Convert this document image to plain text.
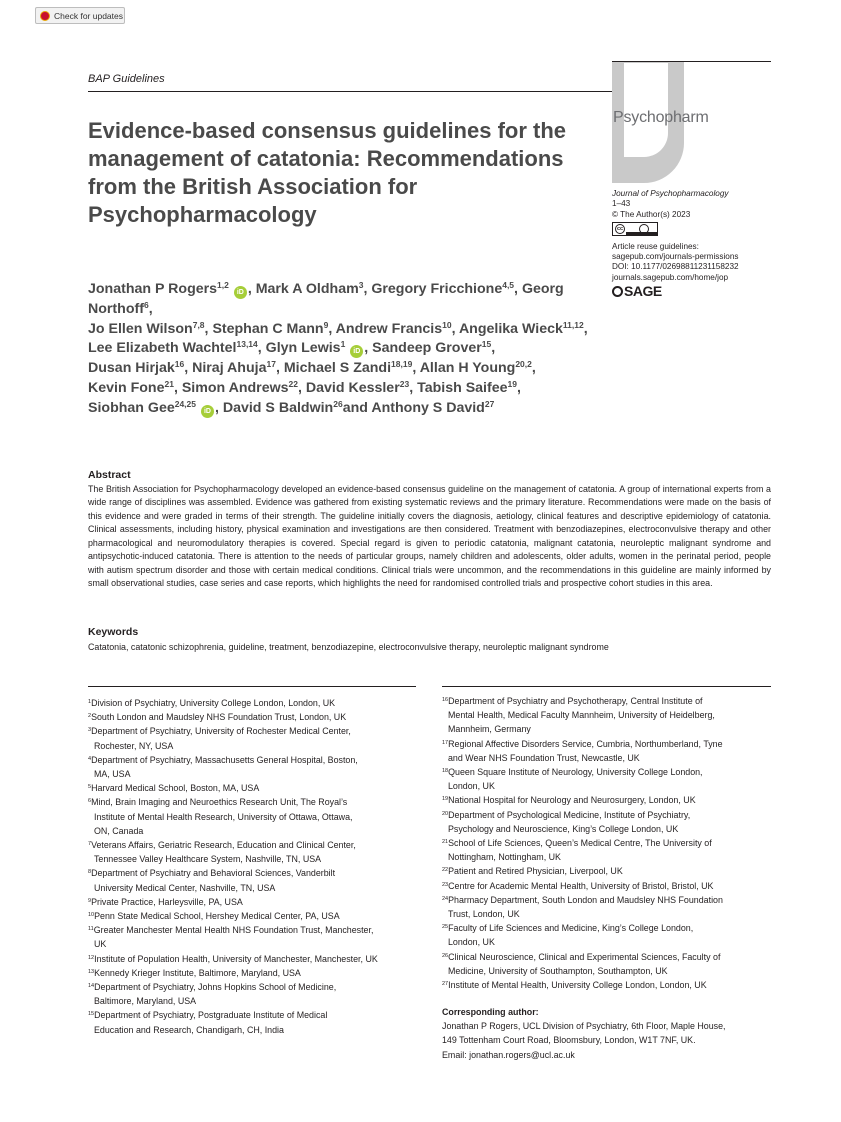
Check for updates
BAP Guidelines
Evidence-based consensus guidelines for the management of catatonia: Recommendations from the British Association for Psychopharmacology
Psychopharm
Journal of Psychopharmacology
1–43
© The Author(s) 2023
cc
Article reuse guidelines:
sagepub.com/journals-permissions
DOI: 10.1177/02698811231158232
journals.sagepub.com/home/jop
SAGE

Jonathan P Rogers$^{1,2}$ iD , Mark A Oldham$^3$, Gregory Fricchione$^{4,5}$, Georg Northoff$^6$,
Jo Ellen Wilson$^{7,8}$, Stephan C Mann$^9$, Andrew Francis$^{10}$, Angelika Wieck$^{11,12}$,
Lee Elizabeth Wachtel$^{13,14}$, Glyn Lewis$^1$ iD , Sandeep Grover$^{15}$,
Dusan Hirjak$^{16}$, Niraj Ahuja$^{17}$, Michael S Zandi$^{18,19}$, Allan H Young$^{20,2}$,
Kevin Fone$^{21}$, Simon Andrews$^{22}$, David Kessler$^{23}$, Tabish Saifee$^{19}$,
Siobhan Gee$^{24,25}$ iD , David S Baldwin$^{26}$and Anthony S David$^{27}$

Abstract

The British Association for Psychopharmacology developed an evidence-based consensus guideline on the management of catatonia. A group of international experts from a wide range of disciplines was assembled. Evidence was gathered from existing systematic reviews and the primary literature. Recommendations were made on the basis of this evidence and were graded in terms of their strength. The guideline initially covers the diagnosis, aetiology, clinical features and descriptive epidemiology of catatonia. Clinical assessments, including history, physical examination and investigations are then considered. Treatment with benzodiazepines, electroconvulsive therapy and other pharmacological and neuromodulatory therapies is covered. Special regard is given to periodic catatonia, malignant catatonia, neuroleptic malignant syndrome and antipsychotic-induced catatonia. There is attention to the needs of particular groups, namely children and adolescents, older adults, women in the perinatal period, people with autism spectrum disorder and those with certain medical conditions. Clinical trials were uncommon, and the recommendations in this guideline are mainly informed by small observational studies, case series and case reports, which highlights the need for randomised controlled trials and prospective cohort studies in this area.

Keywords

Catatonia, catatonic schizophrenia, guideline, treatment, benzodiazepine, electroconvulsive therapy, neuroleptic malignant syndrome

$^1$Division of Psychiatry, University College London, London, UK
$^2$South London and Maudsley NHS Foundation Trust, London, UK
$^3$Department of Psychiatry, University of Rochester Medical Center,
Rochester, NY, USA
$^4$Department of Psychiatry, Massachusetts General Hospital, Boston,
MA, USA
$^5$Harvard Medical School, Boston, MA, USA
$^6$Mind, Brain Imaging and Neuroethics Research Unit, The Royal’s
Institute of Mental Health Research, University of Ottawa, Ottawa,
ON, Canada
$^7$Veterans Affairs, Geriatric Research, Education and Clinical Center,
Tennessee Valley Healthcare System, Nashville, TN, USA
$^8$Department of Psychiatry and Behavioral Sciences, Vanderbilt
University Medical Center, Nashville, TN, USA
$^9$Private Practice, Harleysville, PA, USA
$^{10}$Penn State Medical School, Hershey Medical Center, PA, USA
$^{11}$Greater Manchester Mental Health NHS Foundation Trust, Manchester,
UK
$^{12}$Institute of Population Health, University of Manchester, Manchester, UK
$^{13}$Kennedy Krieger Institute, Baltimore, Maryland, USA
$^{14}$Department of Psychiatry, Johns Hopkins School of Medicine,
Baltimore, Maryland, USA
$^{15}$Department of Psychiatry, Postgraduate Institute of Medical
Education and Research, Chandigarh, CH, India
$^{16}$Department of Psychiatry and Psychotherapy, Central Institute of
Mental Health, Medical Faculty Mannheim, University of Heidelberg,
Mannheim, Germany
$^{17}$Regional Affective Disorders Service, Cumbria, Northumberland, Tyne
and Wear NHS Foundation Trust, Newcastle, UK
$^{18}$Queen Square Institute of Neurology, University College London,
London, UK
$^{19}$National Hospital for Neurology and Neurosurgery, London, UK
$^{20}$Department of Psychological Medicine, Institute of Psychiatry,
Psychology and Neuroscience, King’s College London, UK
$^{21}$School of Life Sciences, Queen’s Medical Centre, The University of
Nottingham, Nottingham, UK
$^{22}$Patient and Retired Physician, Liverpool, UK
$^{23}$Centre for Academic Mental Health, University of Bristol, Bristol, UK
$^{24}$Pharmacy Department, South London and Maudsley NHS Foundation
Trust, London, UK
$^{25}$Faculty of Life Sciences and Medicine, King’s College London,
London, UK
$^{26}$Clinical Neuroscience, Clinical and Experimental Sciences, Faculty of
Medicine, University of Southampton, Southampton, UK
$^{27}$Institute of Mental Health, University College London, London, UK
Corresponding author:
Jonathan P Rogers, UCL Division of Psychiatry, 6th Floor, Maple House,
149 Tottenham Court Road, Bloomsbury, London, W1T 7NF, UK.
Email: jonathan.rogers@ucl.ac.uk
